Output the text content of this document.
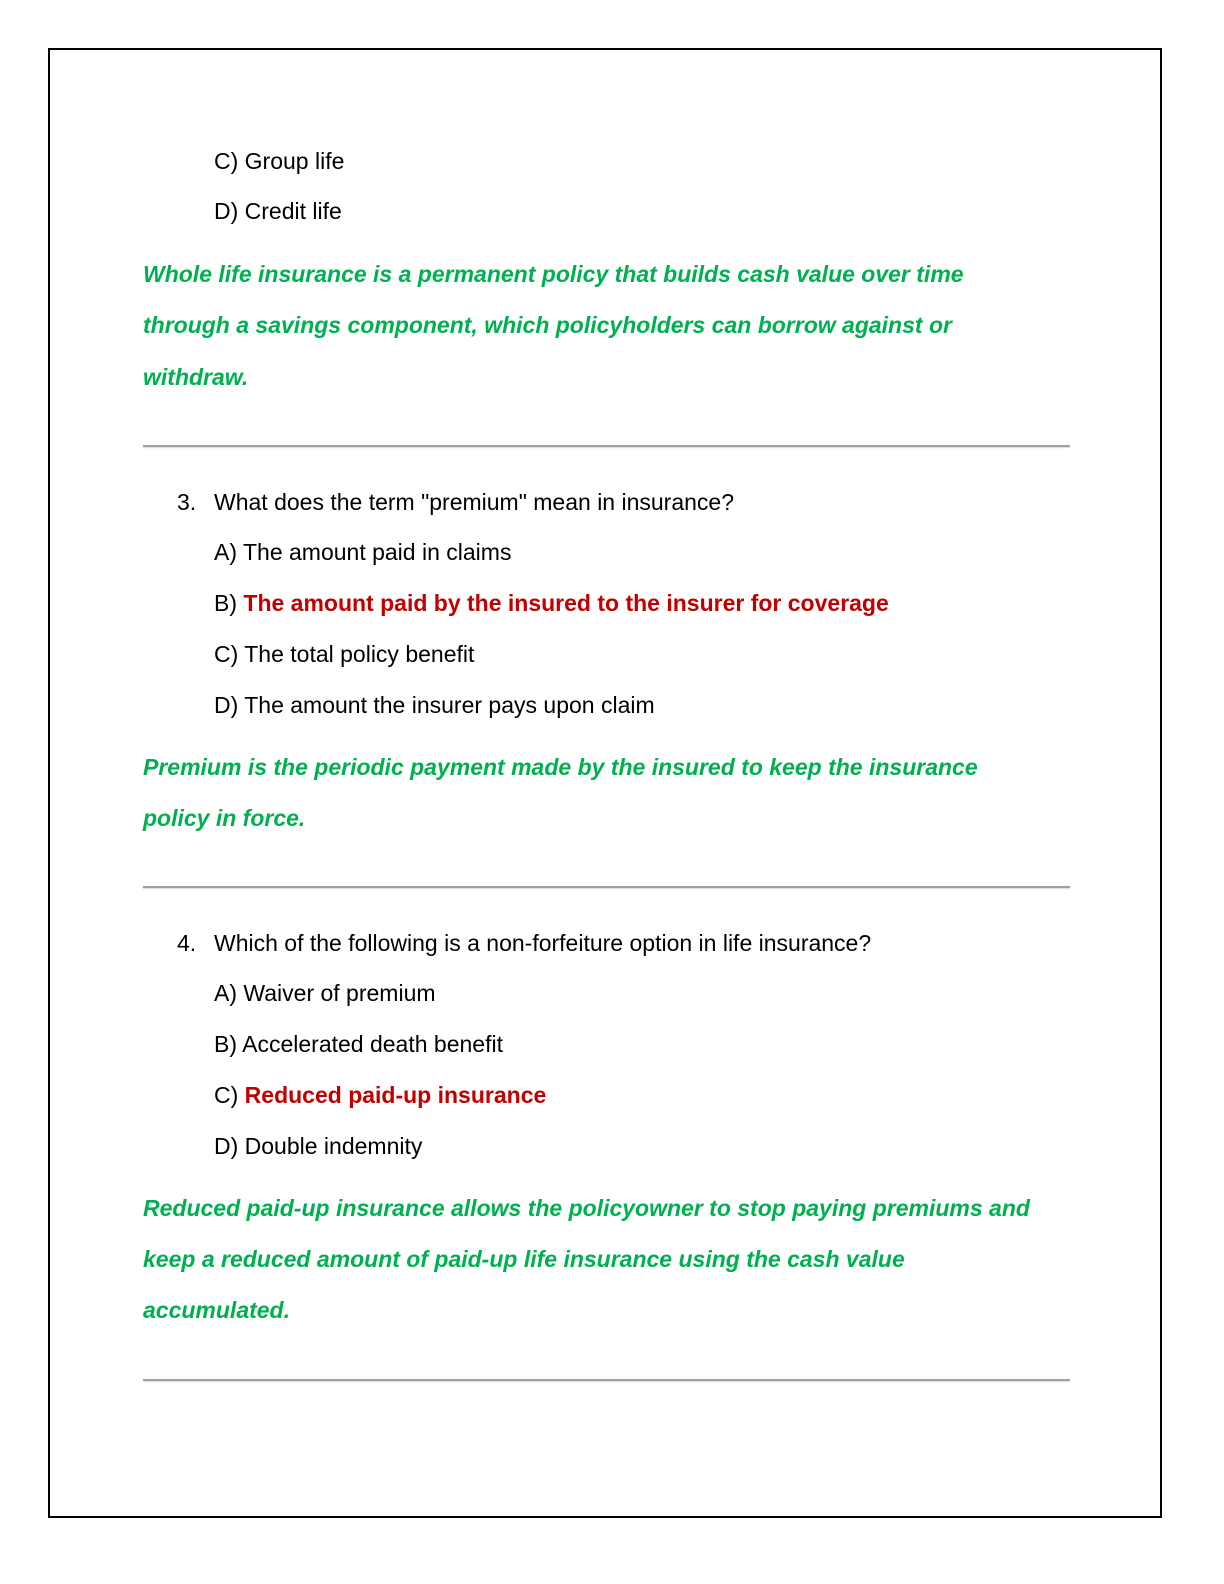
C) Group life
D) Credit life
Whole life insurance is a permanent policy that builds cash value over time
through a savings component, which policyholders can borrow against or
withdraw.
3. What does the term "premium" mean in insurance?
A) The amount paid in claims
B) The amount paid by the insured to the insurer for coverage
C) The total policy benefit
D) The amount the insurer pays upon claim
Premium is the periodic payment made by the insured to keep the insurance
policy in force.
4. Which of the following is a non-forfeiture option in life insurance?
A) Waiver of premium
B) Accelerated death benefit
C) Reduced paid-up insurance
D) Double indemnity
Reduced paid-up insurance allows the policyowner to stop paying premiums and
keep a reduced amount of paid-up life insurance using the cash value
accumulated.
